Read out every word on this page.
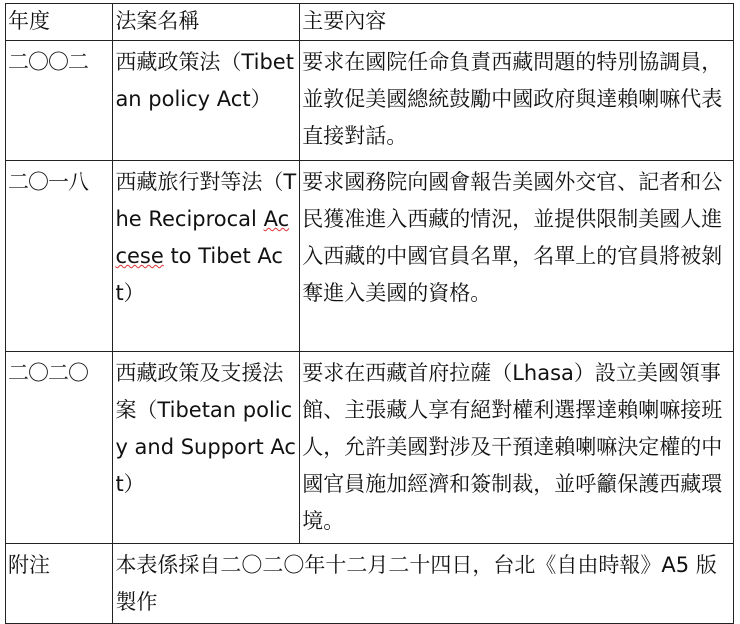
年度	法案名稱	主要內容
二〇〇二	西藏政策法（Tibetan policy Act）	要求在國院任命負責西藏問題的特別協調員，並敦促美國總統鼓勵中國政府與達賴喇嘛代表直接對話。
二〇一八	西藏旅行對等法（The Reciprocal Accese to Tibet Act）	要求國務院向國會報告美國外交官、記者和公民獲准進入西藏的情況，並提供限制美國人進入西藏的中國官員名單，名單上的官員將被剝奪進入美國的資格。
二〇二〇	西藏政策及支援法案（Tibetan policy and Support Act）	要求在西藏首府拉薩（Lhasa）設立美國領事館、主張藏人享有絕對權利選擇達賴喇嘛接班人，允許美國對涉及干預達賴喇嘛決定權的中國官員施加經濟和簽制裁，並呼籲保護西藏環境。
附注	本表係採自二〇二〇年十二月二十四日，台北《自由時報》A5 版製作	
